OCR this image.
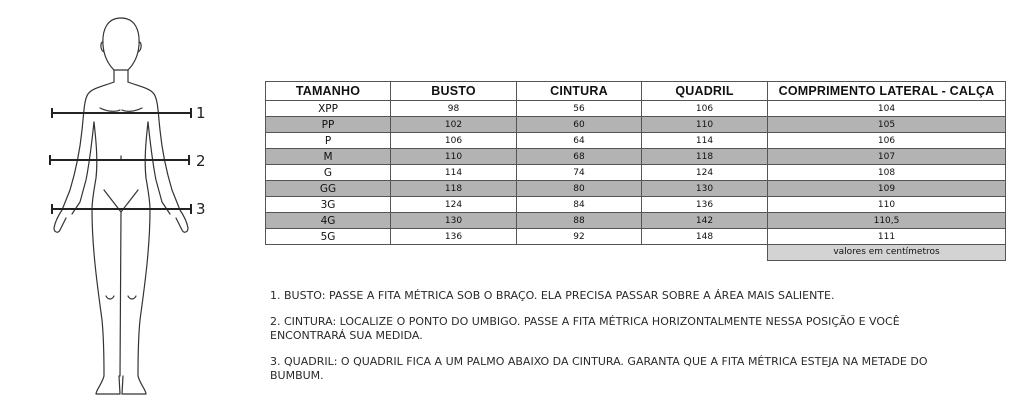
1
2
3
TAMANHO	BUSTO	CINTURA	QUADRIL	COMPRIMENTO LATERAL - CALÇA
XPP	98	56	106	104
PP	102	60	110	105
P	106	64	114	106
M	110	68	118	107
G	114	74	124	108
GG	118	80	130	109
3G	124	84	136	110
4G	130	88	142	110,5
5G	136	92	148	111
				valores em centímetros

1. BUSTO: PASSE A FITA MÉTRICA SOB O BRAÇO. ELA PRECISA PASSAR SOBRE A ÁREA MAIS SALIENTE.

2. CINTURA: LOCALIZE O PONTO DO UMBIGO. PASSE A FITA MÉTRICA HORIZONTALMENTE NESSA POSIÇÃO E VOCÊ ENCONTRARÁ SUA MEDIDA.

3. QUADRIL: O QUADRIL FICA A UM PALMO ABAIXO DA CINTURA. GARANTA QUE A FITA MÉTRICA ESTEJA NA METADE DO BUMBUM.
